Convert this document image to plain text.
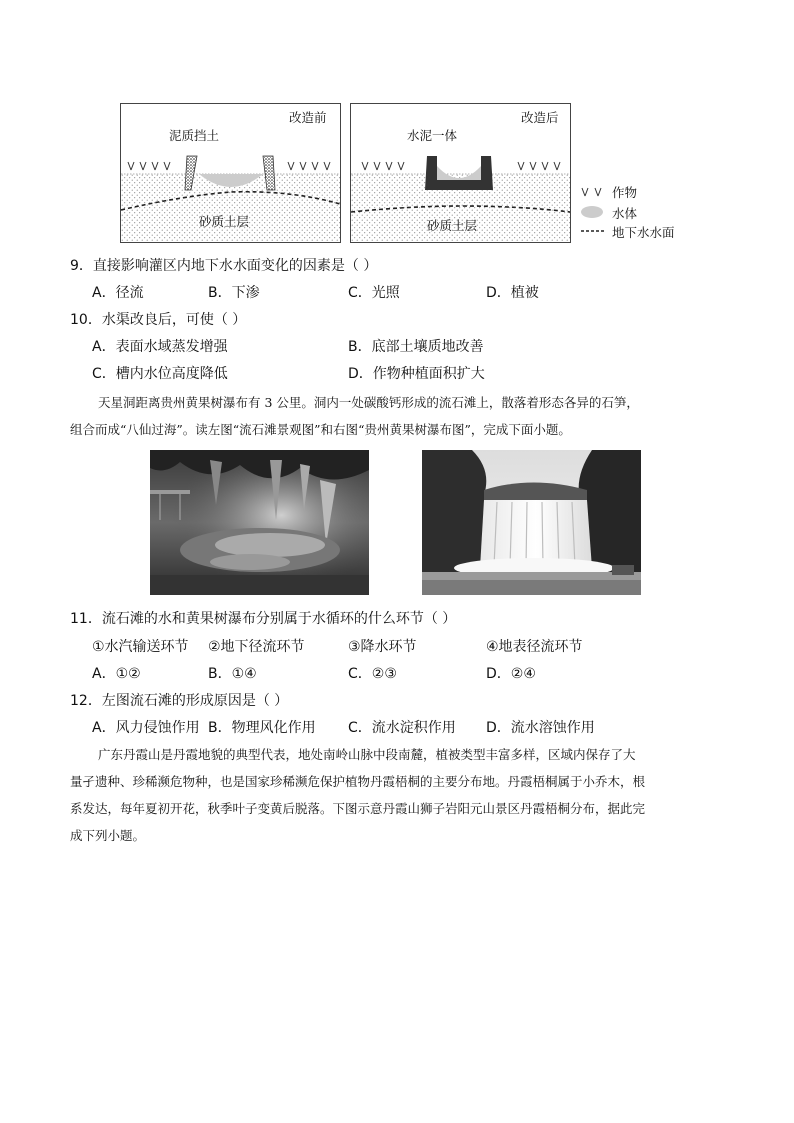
改造前
泥质挡土
砂质土层
改造后
水泥一体
砂质土层
作物
水体
地下水水面
9．直接影响灌区内地下水水面变化的因素是（ ）
A．径流	B．下渗	C．光照	D．植被
10．水渠改良后，可使（ ）
A．表面水域蒸发增强	B．底部土壤质地改善
C．槽内水位高度降低	D．作物种植面积扩大
天星洞距离贵州黄果树瀑布有 3 公里。洞内一处碳酸钙形成的流石滩上，散落着形态各异的石笋，
组合而成“八仙过海”。读左图“流石滩景观图”和右图“贵州黄果树瀑布图”，完成下面小题。
11．流石滩的水和黄果树瀑布分别属于水循环的什么环节（ ）
①水汽输送环节 ②地下径流环节	③降水环节	④地表径流环节
A．①②	B．①④	C．②③	D．②④
12．左图流石滩的形成原因是（ ）
A．风力侵蚀作用 B．物理风化作用 C．流水淀积作用 D．流水溶蚀作用
广东丹霞山是丹霞地貌的典型代表，地处南岭山脉中段南麓，植被类型丰富多样，区域内保存了大
量孑遗种、珍稀濒危物种，也是国家珍稀濒危保护植物丹霞梧桐的主要分布地。丹霞梧桐属于小乔木，根
系发达，每年夏初开花，秋季叶子变黄后脱落。下图示意丹霞山狮子岩阳元山景区丹霞梧桐分布，据此完
成下列小题。
